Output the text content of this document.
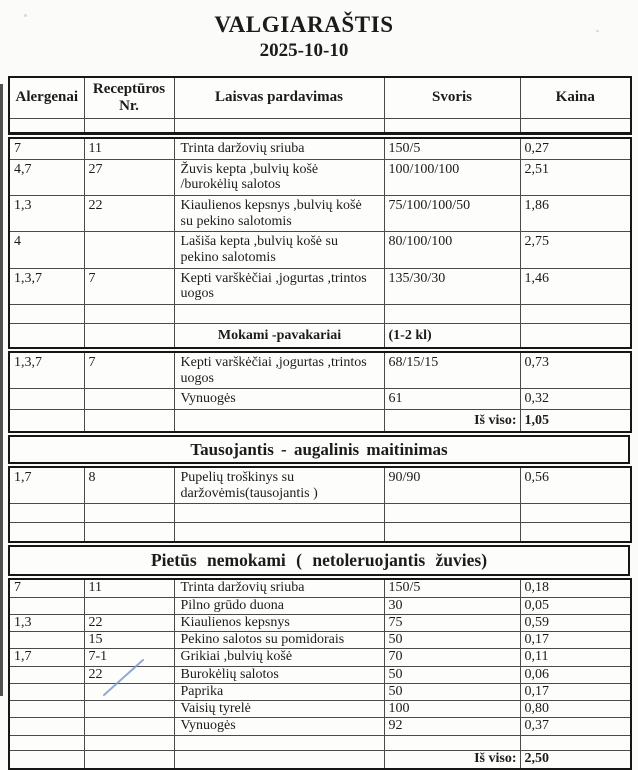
VALGIARAŠTIS
2025-10-10
Alergenai	Receptūros Nr.	Laisvas pardavimas	Svoris	Kaina

7	11	Trinta daržovių sriuba	150/5	0,27
4,7	27	Žuvis kepta ,bulvių košė /burokėlių salotos	100/100/100	2,51
1,3	22	Kiaulienos kepsnys ,bulvių košė su pekino salotomis	75/100/100/50	1,86
4		Lašiša kepta ,bulvių košė su pekino salotomis	80/100/100	2,75
1,3,7	7	Kepti varškėčiai ,jogurtas ,trintos uogos	135/30/30	1,46

		Mokami -pavakariai	(1-2 kl)	
1,3,7	7	Kepti varškėčiai ,jogurtas ,trintos uogos	68/15/15	0,73
		Vynuogės	61	0,32
			Iš viso:	1,05
Tausojantis - augalinis maitinimas
1,7	8	Pupelių troškinys su daržovėmis(tausojantis )	90/90	0,56

Pietūs nemokami ( netoleruojantis žuvies)
7	11	Trinta daržovių sriuba	150/5	0,18
		Pilno grūdo duona	30	0,05
1,3	22	Kiaulienos kepsnys	75	0,59
	15	Pekino salotos su pomidorais	50	0,17
1,7	7-1	Grikiai ,bulvių košė	70	0,11
	22	Burokėlių salotos	50	0,06
		Paprika	50	0,17
		Vaisių tyrelė	100	0,80
		Vynuogės	92	0,37

			Iš viso:	2,50
